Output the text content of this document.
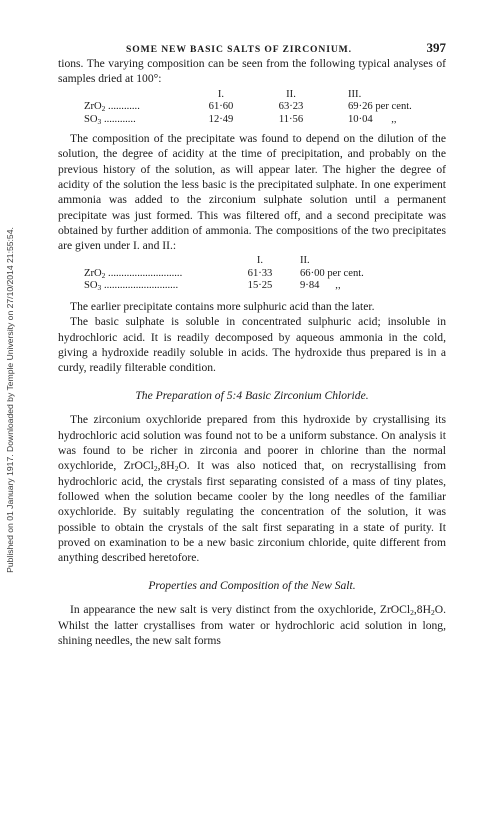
Published on 01 January 1917. Downloaded by Temple University on 27/10/2014 21:55:54.
SOME NEW BASIC SALTS OF ZIRCONIUM.	397

tions. The varying composition can be seen from the following typical analyses of samples dried at 100°:

	I.	II.	III.
ZrO$_2$ ............	61·60	63·23	69·26 per cent.
$SO_3$ ............	12·49	11·56	10·04       ,,

The composition of the precipitate was found to depend on the dilution of the solution, the degree of acidity at the time of precipitation, and probably on the previous history of the solution, as will appear later. The higher the degree of acidity of the solution the less basic is the precipitated sulphate. In one experiment ammonia was added to the zirconium sulphate solution until a permanent precipitate was just formed. This was filtered off, and a second precipitate was obtained by further addition of ammonia. The compositions of the two precipitates are given under I. and II.:

	I.	II.
ZrO$_2$ ............................	61·33	66·00 per cent.
$SO_3$ ............................	15·25	9·84      ,,

The earlier precipitate contains more sulphuric acid than the later.

The basic sulphate is soluble in concentrated sulphuric acid; insoluble in hydrochloric acid. It is readily decomposed by aqueous ammonia in the cold, giving a hydroxide readily soluble in acids. The hydroxide thus prepared is in a curdy, readily filterable condition.

The Preparation of 5:4 Basic Zirconium Chloride.

The zirconium oxychloride prepared from this hydroxide by crystallising its hydrochloric acid solution was found not to be a uniform substance. On analysis it was found to be richer in zirconia and poorer in chlorine than the normal oxychloride, $ZrOCl_2,8H_2O$. It was also noticed that, on recrystallising from hydrochloric acid, the crystals first separating consisted of a mass of tiny plates, followed when the solution became cooler by the long needles of the familiar oxychloride. By suitably regulating the concentration of the solution, it was possible to obtain the crystals of the salt first separating in a state of purity. It proved on examination to be a new basic zirconium chloride, quite different from anything described heretofore.

Properties and Composition of the New Salt.

In appearance the new salt is very distinct from the oxychloride, $ZrOCl_2,8H_2O$. Whilst the latter crystallises from water or hydrochloric acid solution in long, shining needles, the new salt forms
